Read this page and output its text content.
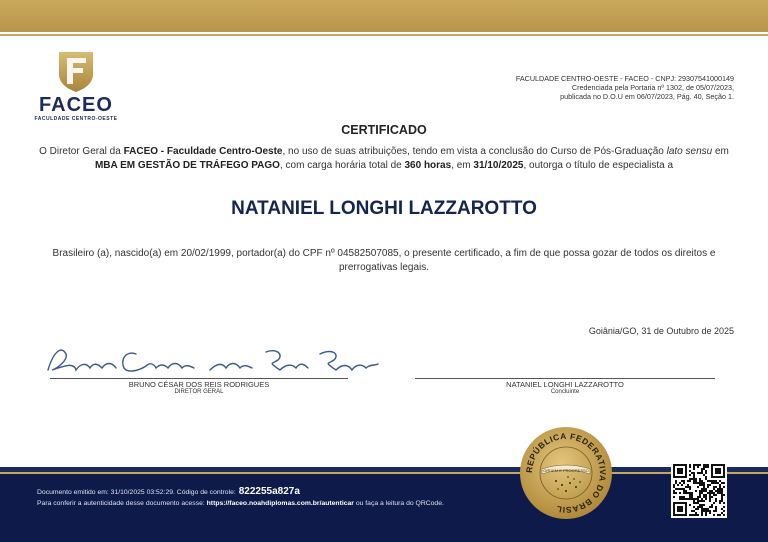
FACEO
FACULDADE CENTRO-OESTE
FACULDADE CENTRO-OESTE - FACEO - CNPJ: 29307541000149
Credenciada pela Portaria nº 1302, de 05/07/2023,
publicada no D.O.U em 06/07/2023, Pág. 40, Seção 1.
CERTIFICADO
O Diretor Geral da FACEO - Faculdade Centro-Oeste, no uso de suas atribuições, tendo em vista a conclusão do Curso de Pós-Graduação lato sensu em MBA EM GESTÃO DE TRÁFEGO PAGO, com carga horária total de 360 horas, em 31/10/2025, outorga o título de especialista a
NATANIEL LONGHI LAZZAROTTO
Brasileiro (a), nascido(a) em 20/02/1999, portador(a) do CPF nº 04582507085, o presente certificado, a fim de que possa gozar de todos os direitos e prerrogativas legais.
Goiânia/GO, 31 de Outubro de 2025
BRUNO CÉSAR DOS REIS RODRIGUES
DIRETOR GERAL
NATANIEL LONGHI LAZZAROTTO
Concluinte
Documento emitido em: 31/10/2025 03:52:29. Código de controle: 822255a827a
Para conferir a autenticidade desse documento acesse: https://faceo.noahdiplomas.com.br/autenticar ou faça a leitura do QRCode.
REPÚBLICA FEDERATIVA DO BRASIL
ORDEM E PROGRESSO
